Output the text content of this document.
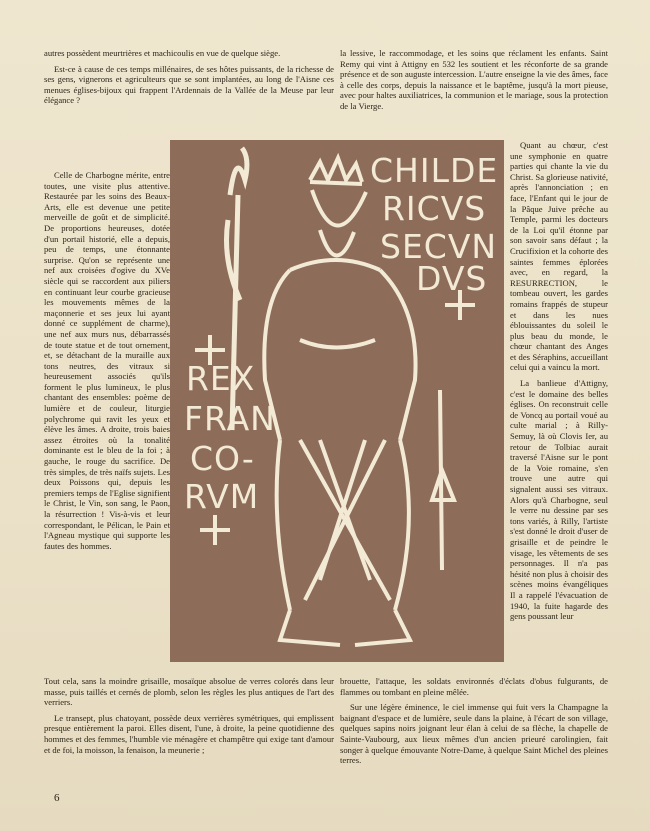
autres possèdent meurtrières et machicoulis en vue de quelque siège.

Est-ce à cause de ces temps millénaires, de ses hôtes puissants, de la richesse de ses gens, vignerons et agriculteurs que se sont implantées, au long de l'Aisne ces menues églises-bijoux qui frappent l'Ardennais de la Vallée de la Meuse par leur élégance ?

la lessive, le raccommodage, et les soins que réclament les enfants. Saint Remy qui vint à Attigny en 532 les soutient et les réconforte de sa grande présence et de son auguste intercession. L'autre enseigne la vie des âmes, face à celle des corps, depuis la naissance et le baptême, jusqu'à la mort pieuse, avec pour haltes auxiliatrices, la communion et le mariage, sous la protection de la Vierge.

Celle de Charbogne mérite, entre toutes, une visite plus attentive. Restaurée par les soins des Beaux-Arts, elle est devenue une petite merveille de goût et de simplicité. De proportions heureuses, dotée d'un portail historié, elle a depuis, peu de temps, une étonnante surprise. Qu'on se représente une nef aux croisées d'ogive du XVe siècle qui se raccordent aux piliers en continuant leur courbe gracieuse les mouvements mêmes de la maçonnerie et ses jeux lui ayant donné ce supplément de charme), une nef aux murs nus, débarrassés de toute statue et de tout ornement, et, se détachant de la muraille aux tons neutres, des vitraux si heureusement associés qu'ils forment le plus lumineux, le plus chantant des ensembles: poème de lumière et de couleur, liturgie polychrome qui ravit les yeux et élève les âmes. A droite, trois baies assez étroites où la tonalité dominante est le bleu de la foi ; à gauche, le rouge du sacrifice. De très simples, de très naïfs sujets. Les deux Poissons qui, depuis les premiers temps de l'Eglise signifient le Christ, le Vin, son sang, le Paon, la résurrection ! Vis-à-vis et leur correspondant, le Pélican, le Pain et l'Agneau mystique qui supporte les fautes des hommes.

Quant au chœur, c'est une symphonie en quatre parties qui chante la vie du Christ. Sa glorieuse nativité, après l'annonciation ; en face, l'Enfant qui le jour de la Pâque Juive prêche au Temple, parmi les docteurs de la Loi qu'il étonne par son savoir sans défaut ; la Crucifixion et la cohorte des saintes femmes éplorées avec, en regard, la RESURRECTION, le tombeau ouvert, les gardes romains frappés de stupeur et dans les nues éblouissantes du soleil le plus beau du monde, le chœur chantant des Anges et des Séraphins, accueillant celui qui a vaincu la mort.

La banlieue d'Attigny, c'est le domaine des belles églises. On reconstruit celle de Voncq au portail voué au culte marial ; à Rilly-Semuy, là où Clovis Ier, au retour de Tolbiac aurait traversé l'Aisne sur le pont de la Voie romaine, s'en trouve une autre qui signalent aussi ses vitraux. Alors qu'à Charbogne, seul le verre nu dessine par ses tons variés, à Rilly, l'artiste s'est donné le droit d'user de grisaille et de peindre le visage, les vêtements de ses personnages. Il n'a pas hésité non plus à choisir des scènes moins évangéliques Il a rappelé l'évacuation de 1940, la fuite hagarde des gens poussant leur

CHILDE
RICVS
SECVN
DVS
REX
FRAN
CO-
RVM

Tout cela, sans la moindre grisaille, mosaïque absolue de verres colorés dans leur masse, puis taillés et cernés de plomb, selon les règles les plus antiques de l'art des verriers.

Le transept, plus chatoyant, possède deux verrières symétriques, qui emplissent presque entièrement la paroi. Elles disent, l'une, à droite, la peine quotidienne des hommes et des femmes, l'humble vie ménagère et champêtre qui exige tant d'amour et de foi, la moisson, la fenaison, la meunerie ;

brouette, l'attaque, les soldats environnés d'éclats d'obus fulgurants, de flammes ou tombant en pleine mêlée.

Sur une légère éminence, le ciel immense qui fuit vers la Champagne la baignant d'espace et de lumière, seule dans la plaine, à l'écart de son village, quelques sapins noirs joignant leur élan à celui de sa flèche, la chapelle de Sainte-Vaubourg, aux lieux mêmes d'un ancien prieuré carolingien, fait songer à quelque émouvante Notre-Dame, à quelque Saint Michel des pleines terres.

6
